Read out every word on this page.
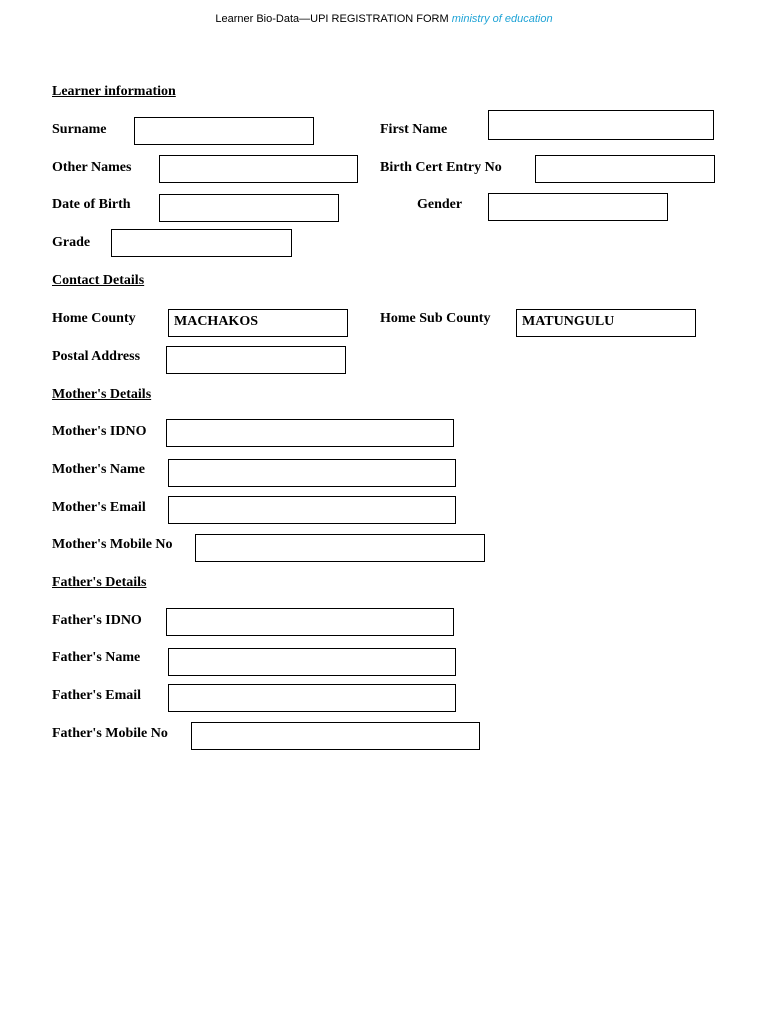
Learner Bio-Data—UPI REGISTRATION FORM ministry of education
Learner information
Surname	First Name
Other Names	Birth Cert Entry No
Date of Birth	Gender
Grade
Contact Details
Home County	MACHAKOS	Home Sub County	MATUNGULU
Postal Address
Mother's Details
Mother's IDNO
Mother's Name
Mother's Email
Mother's Mobile No
Father's Details
Father's IDNO
Father's Name
Father's Email
Father's Mobile No
